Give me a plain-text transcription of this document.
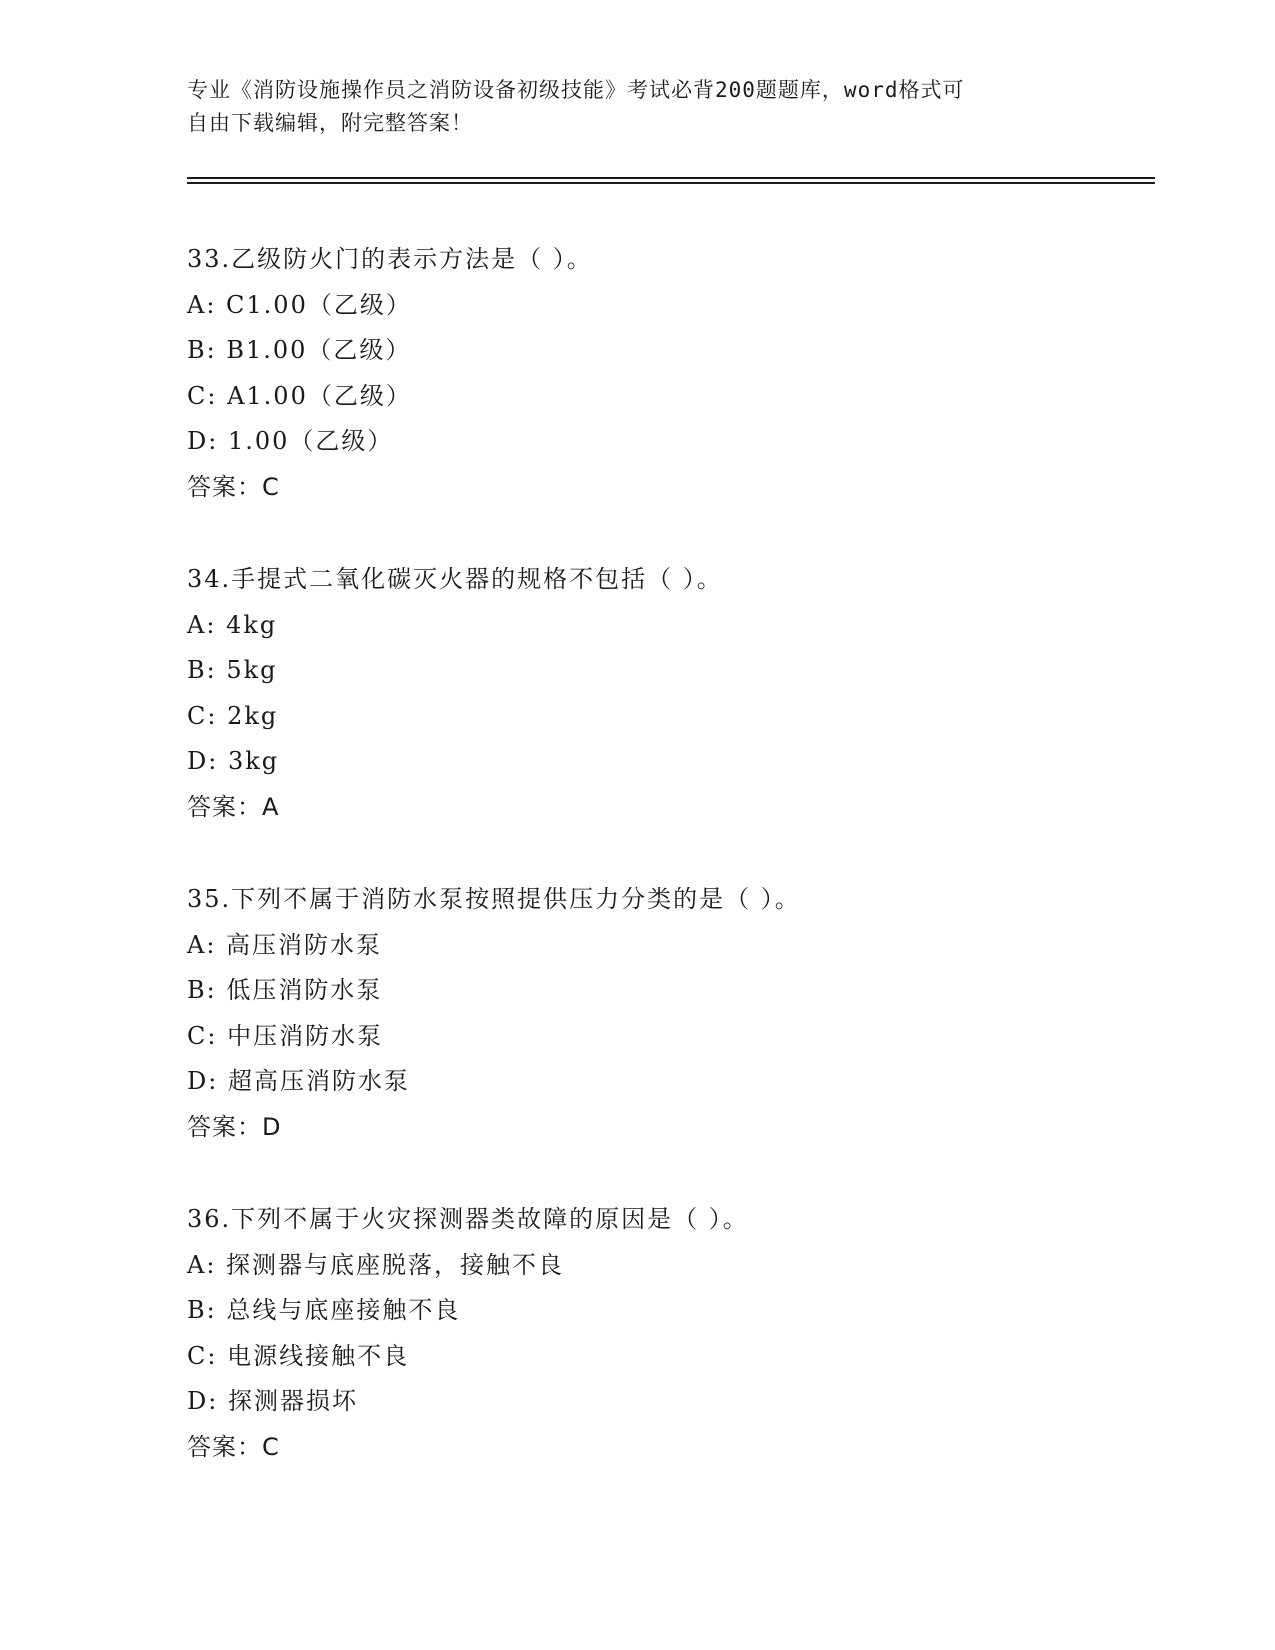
专业《消防设施操作员之消防设备初级技能》考试必背200题题库，word格式可
自由下载编辑，附完整答案！
33.乙级防火门的表示方法是（ ）。
A: C1.00（乙级）
B: B1.00（乙级）
C: A1.00（乙级）
D: 1.00（乙级）
答案：C
34.手提式二氧化碳灭火器的规格不包括（ ）。
A: 4kg
B: 5kg
C: 2kg
D: 3kg
答案：A
35.下列不属于消防水泵按照提供压力分类的是（ ）。
A: 高压消防水泵
B: 低压消防水泵
C: 中压消防水泵
D: 超高压消防水泵
答案：D
36.下列不属于火灾探测器类故障的原因是（ ）。
A: 探测器与底座脱落，接触不良
B: 总线与底座接触不良
C: 电源线接触不良
D: 探测器损坏
答案：C
